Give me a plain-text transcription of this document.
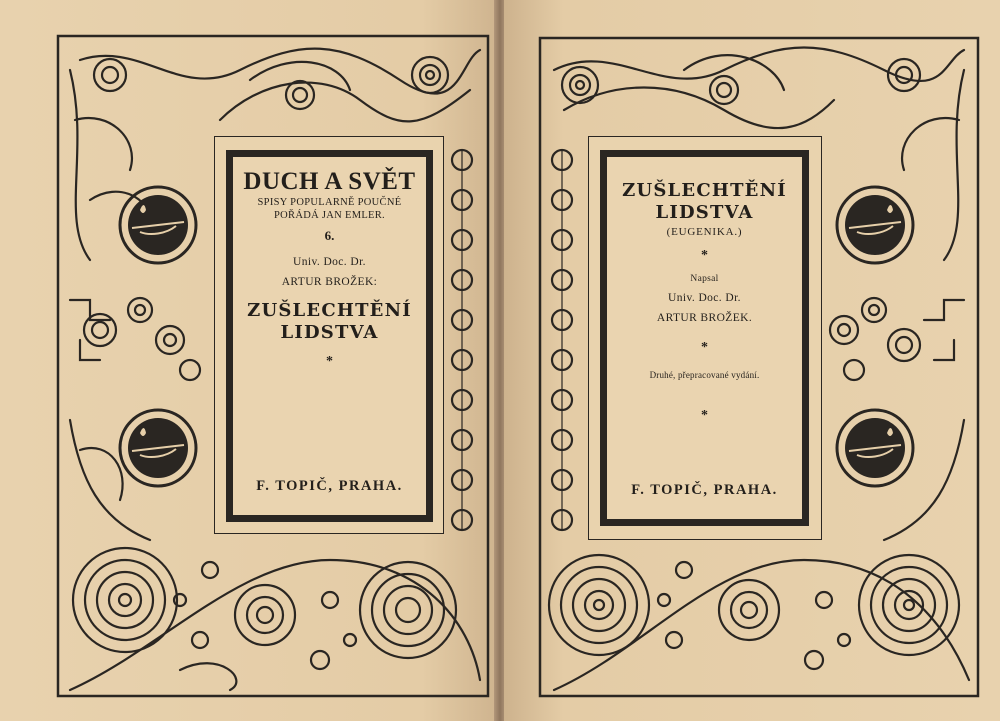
DUCH A SVĚT
SPISY POPULARNĚ POUČNÉ
POŘÁDÁ JAN EMLER.
6.
Univ. Doc. Dr.
ARTUR BROŽEK:
ZUŠLECHTĚNÍ
LIDSTVA
*
F. TOPIČ, PRAHA.
ZUŠLECHTĚNÍ
LIDSTVA
(EUGENIKA.)
*
Napsal
Univ. Doc. Dr.
ARTUR BROŽEK.
*
Druhé, přepracované vydání.
*
F. TOPIČ, PRAHA.
